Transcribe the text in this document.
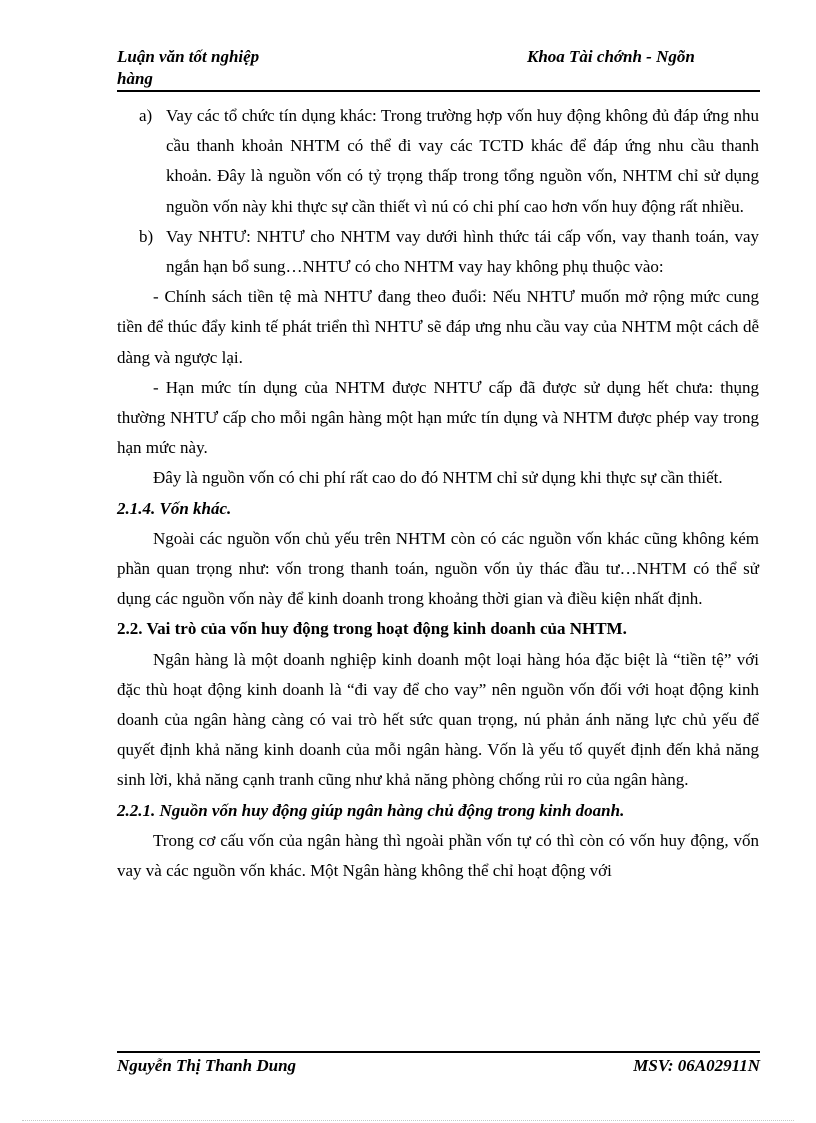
Luận văn tốt nghiệp
hàng
Khoa Tài chớnh - Ngõn

a) Vay các tổ chức tín dụng khác: Trong trường hợp vốn huy động không đủ đáp ứng nhu cầu thanh khoản NHTM có thể đi vay các TCTD khác để đáp ứng nhu cầu thanh khoản. Đây là nguồn vốn có tỷ trọng thấp trong tổng nguồn vốn, NHTM chỉ sử dụng nguồn vốn này khi thực sự cần thiết vì nú có chi phí cao hơn vốn huy động rất nhiều.

b) Vay NHTƯ: NHTƯ cho NHTM vay dưới hình thức tái cấp vốn, vay thanh toán, vay ngắn hạn bổ sung…NHTƯ có cho NHTM vay hay không phụ thuộc vào:

- Chính sách tiền tệ mà NHTƯ đang theo đuổi: Nếu NHTƯ muốn mở rộng mức cung tiền để thúc đẩy kinh tế phát triển thì NHTƯ sẽ đáp ưng nhu cầu vay của NHTM một cách dễ dàng và ngược lại.

- Hạn mức tín dụng của NHTM được NHTƯ cấp đã được sử dụng hết chưa: thụng thường NHTƯ cấp cho mỗi ngân hàng một hạn mức tín dụng và NHTM được phép vay trong hạn mức này.

Đây là nguồn vốn có chi phí rất cao do đó NHTM chỉ sử dụng khi thực sự cần thiết.

2.1.4. Vốn khác.

Ngoài các nguồn vốn chủ yếu trên NHTM còn có các nguồn vốn khác cũng không kém phần quan trọng như: vốn trong thanh toán, nguồn vốn ủy thác đầu tư…NHTM có thể sử dụng các nguồn vốn này để kinh doanh trong khoảng thời gian và điều kiện nhất định.

2.2. Vai trò của vốn huy động trong hoạt động kinh doanh của NHTM.

Ngân hàng là một doanh nghiệp kinh doanh một loại hàng hóa đặc biệt là “tiền tệ” với đặc thù hoạt động kinh doanh là “đi vay để cho vay” nên nguồn vốn đối với hoạt động kinh doanh của ngân hàng càng có vai trò hết sức quan trọng, nú phản ánh năng lực chủ yếu để quyết định khả năng kinh doanh của mỗi ngân hàng. Vốn là yếu tố quyết định đến khả năng sinh lời, khả năng cạnh tranh cũng như khả năng phòng chống rủi ro của ngân hàng.

2.2.1. Nguồn vốn huy động giúp ngân hàng chủ động trong kinh doanh.

Trong cơ cấu vốn của ngân hàng thì ngoài phần vốn tự có thì còn có vốn huy động, vốn vay và các nguồn vốn khác. Một Ngân hàng không thể chỉ hoạt động với

Nguyễn Thị Thanh Dung	MSV: 06A02911N
